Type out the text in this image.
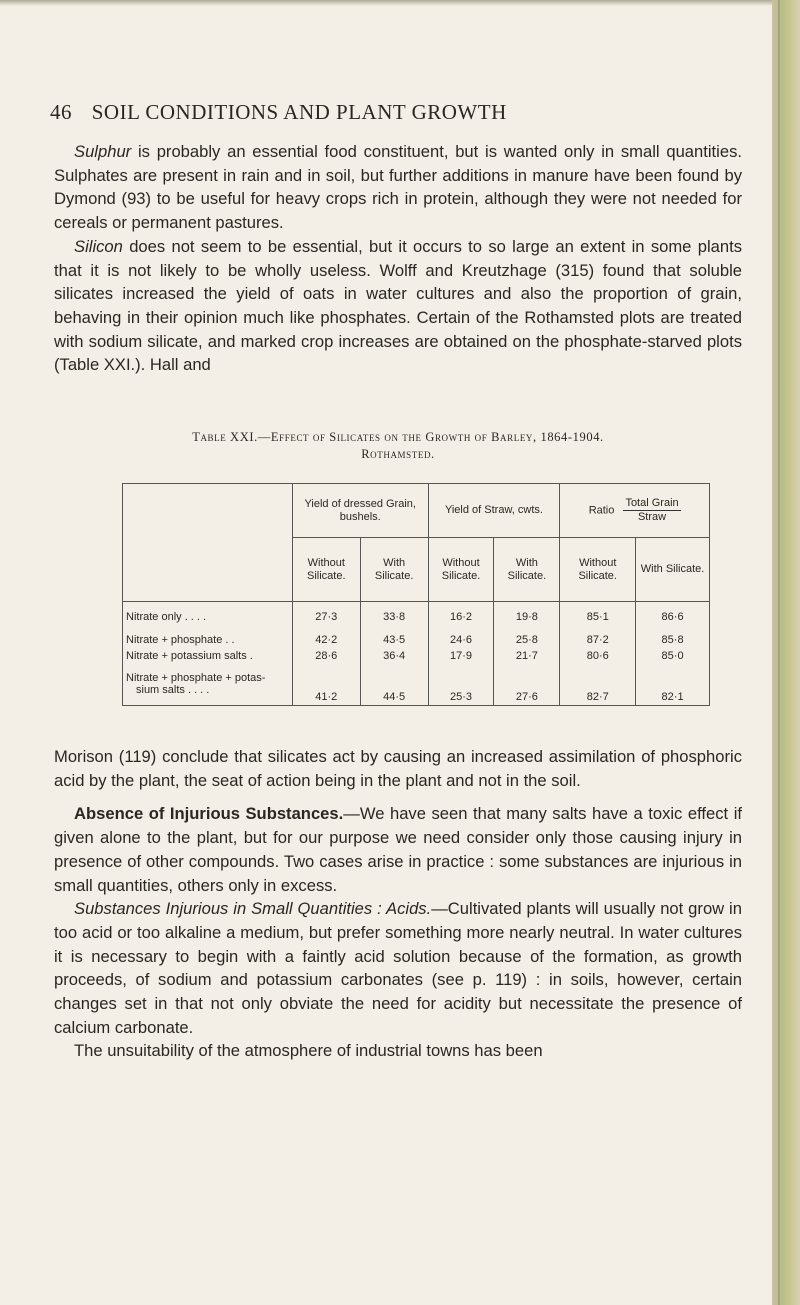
46 SOIL CONDITIONS AND PLANT GROWTH

Sulphur is probably an essential food constituent, but is wanted only in small quantities. Sulphates are present in rain and in soil, but further additions in manure have been found by Dymond (93) to be useful for heavy crops rich in protein, although they were not needed for cereals or permanent pastures.

Silicon does not seem to be essential, but it occurs to so large an extent in some plants that it is not likely to be wholly useless. Wolff and Kreutzhage (315) found that soluble silicates increased the yield of oats in water cultures and also the proportion of grain, behaving in their opinion much like phosphates. Certain of the Rothamsted plots are treated with sodium silicate, and marked crop increases are obtained on the phosphate-starved plots (Table XXI.). Hall and

Table XXI.—Effect of Silicates on the Growth of Barley, 1864-1904.
Rothamsted.
	Yield of dressed Grain, bushels.		Yield of Straw, cwts.		Ratio $\frac{\text{Total Grain}}{\text{Straw}}$

	Without Silicate.	With Silicate.	Without Silicate.	With Silicate.	Without Silicate.	With Silicate.
Nitrate only . . . .	27·3	33·8	16·2	19·8	85·1	86·6
Nitrate + phosphate . .	42·2	43·5	24·6	25·8	87·2	85·8
Nitrate + potassium salts .	28·6	36·4	17·9	21·7	80·6	85·0

Nitrate + phosphate + potas-
sium salts . . . .	41·2	44·5	25·3	27·6	82·7	82·1

Morison (119) conclude that silicates act by causing an increased assimilation of phosphoric acid by the plant, the seat of action being in the plant and not in the soil.

Absence of Injurious Substances.—We have seen that many salts have a toxic effect if given alone to the plant, but for our purpose we need consider only those causing injury in presence of other compounds. Two cases arise in practice : some substances are injurious in small quantities, others only in excess.

Substances Injurious in Small Quantities : Acids.—Cultivated plants will usually not grow in too acid or too alkaline a medium, but prefer something more nearly neutral. In water cultures it is necessary to begin with a faintly acid solution because of the formation, as growth proceeds, of sodium and potassium carbonates (see p. 119) : in soils, however, certain changes set in that not only obviate the need for acidity but necessitate the presence of calcium carbonate.

The unsuitability of the atmosphere of industrial towns has been
